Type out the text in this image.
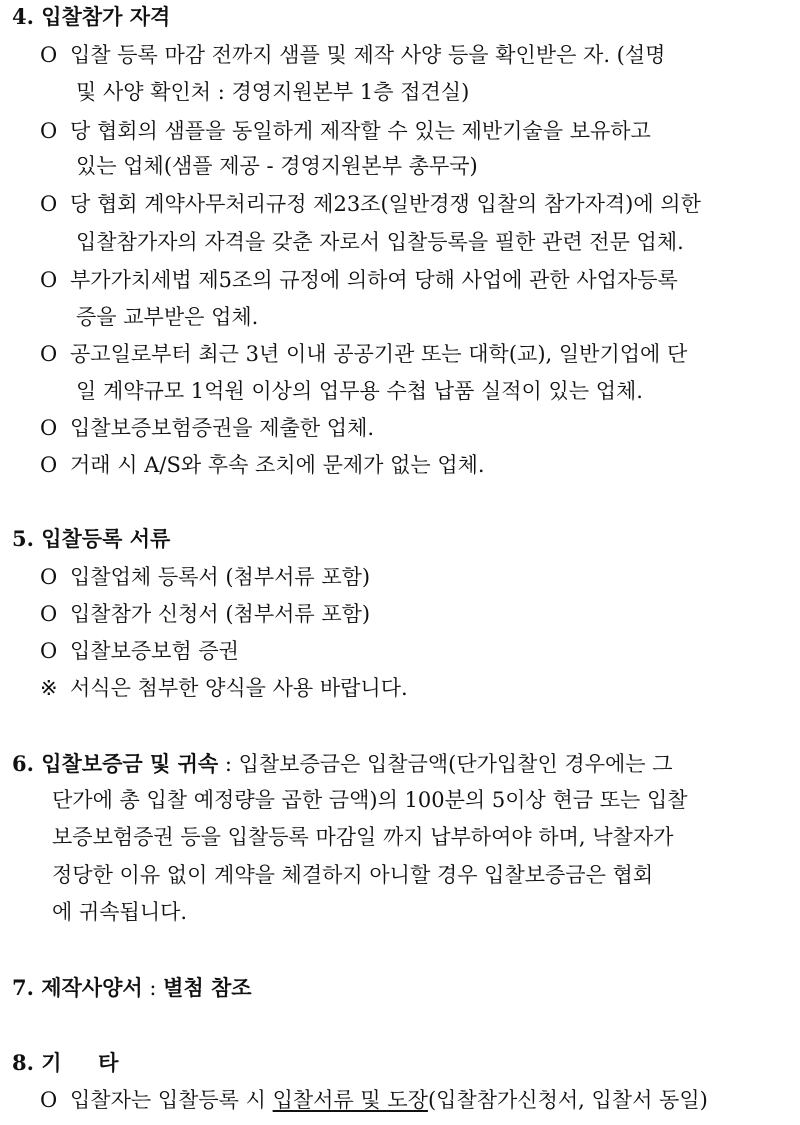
4. 입찰참가 자격
O 입찰 등록 마감 전까지 샘플 및 제작 사양 등을 확인받은 자. (설명
및 사양 확인처 : 경영지원본부 1층 접견실)
O 당 협회의 샘플을 동일하게 제작할 수 있는 제반기술을 보유하고
있는 업체(샘플 제공 - 경영지원본부 총무국)
O 당 협회 계약사무처리규정 제23조(일반경쟁 입찰의 참가자격)에 의한
입찰참가자의 자격을 갖춘 자로서 입찰등록을 필한 관련 전문 업체.
O 부가가치세법 제5조의 규정에 의하여 당해 사업에 관한 사업자등록
증을 교부받은 업체.
O 공고일로부터 최근 3년 이내 공공기관 또는 대학(교), 일반기업에 단
일 계약규모 1억원 이상의 업무용 수첩 납품 실적이 있는 업체.
O 입찰보증보험증권을 제출한 업체.
O 거래 시 A/S와 후속 조치에 문제가 없는 업체.
5. 입찰등록 서류
O 입찰업체 등록서 (첨부서류 포함)
O 입찰참가 신청서 (첨부서류 포함)
O 입찰보증보험 증권
※ 서식은 첨부한 양식을 사용 바랍니다.
6. 입찰보증금 및 귀속 : 입찰보증금은 입찰금액(단가입찰인 경우에는 그
단가에 총 입찰 예정량을 곱한 금액)의 100분의 5이상 현금 또는 입찰
보증보험증권 등을 입찰등록 마감일 까지 납부하여야 하며, 낙찰자가
정당한 이유 없이 계약을 체결하지 아니할 경우 입찰보증금은 협회
에 귀속됩니다.
7. 제작사양서 : 별첨 참조
8. 기     타
O 입찰자는 입찰등록 시 입찰서류 및 도장(입찰참가신청서, 입찰서 동일)
